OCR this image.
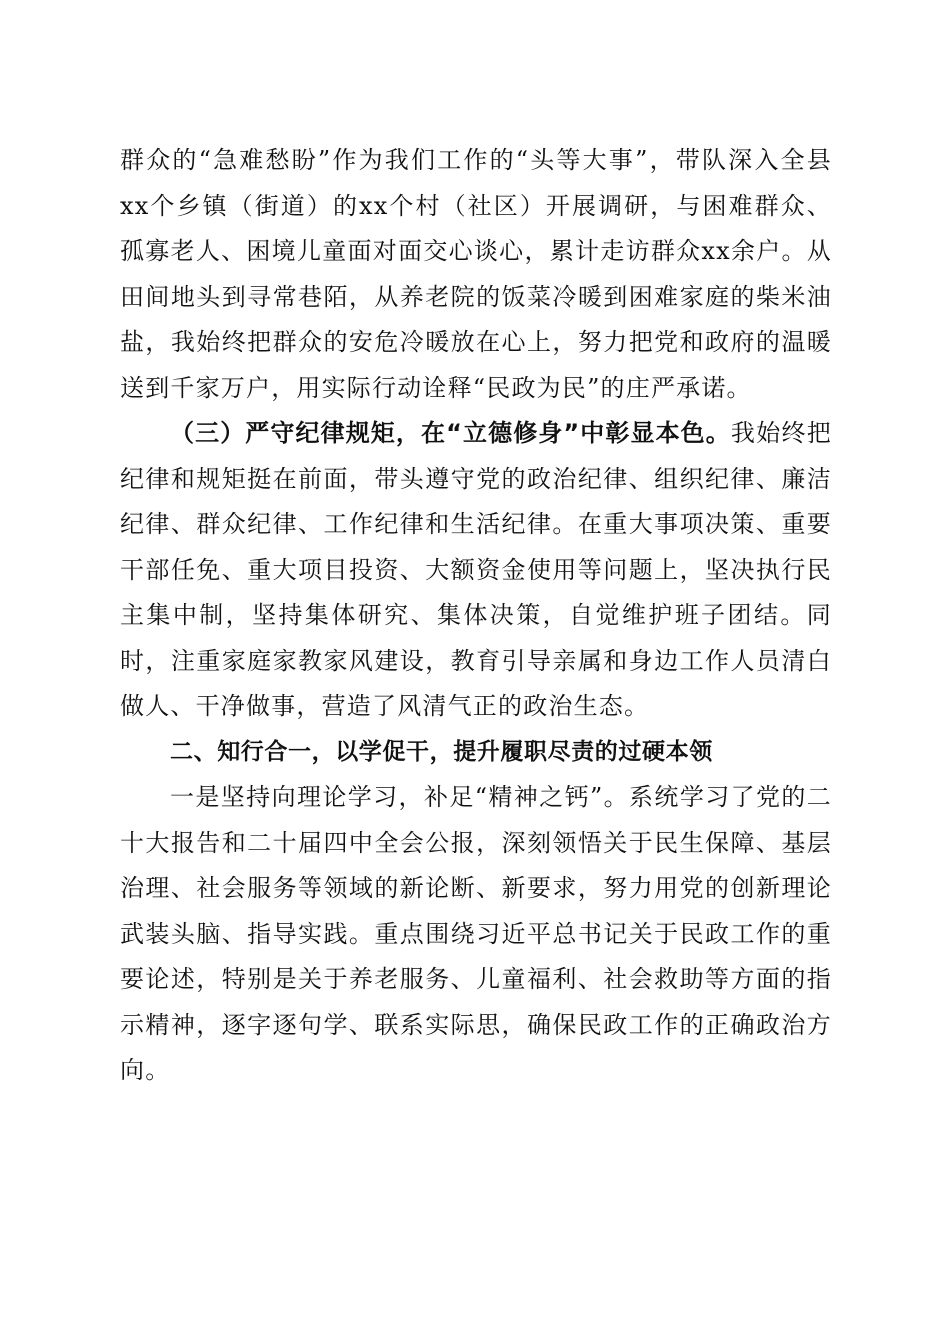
群众的“急难愁盼”作为我们工作的“头等大事”，带队深入全县xx个乡镇（街道）的xx个村（社区）开展调研，与困难群众、孤寡老人、困境儿童面对面交心谈心，累计走访群众xx余户。从田间地头到寻常巷陌，从养老院的饭菜冷暖到困难家庭的柴米油盐，我始终把群众的安危冷暖放在心上，努力把党和政府的温暖送到千家万户，用实际行动诠释“民政为民”的庄严承诺。

（三）严守纪律规矩，在“立德修身”中彰显本色。我始终把纪律和规矩挺在前面，带头遵守党的政治纪律、组织纪律、廉洁纪律、群众纪律、工作纪律和生活纪律。在重大事项决策、重要干部任免、重大项目投资、大额资金使用等问题上，坚决执行民主集中制，坚持集体研究、集体决策，自觉维护班子团结。同时，注重家庭家教家风建设，教育引导亲属和身边工作人员清白做人、干净做事，营造了风清气正的政治生态。

二、知行合一，以学促干，提升履职尽责的过硬本领

一是坚持向理论学习，补足“精神之钙”。系统学习了党的二十大报告和二十届四中全会公报，深刻领悟关于民生保障、基层治理、社会服务等领域的新论断、新要求，努力用党的创新理论武装头脑、指导实践。重点围绕习近平总书记关于民政工作的重要论述，特别是关于养老服务、儿童福利、社会救助等方面的指示精神，逐字逐句学、联系实际思，确保民政工作的正确政治方向。
